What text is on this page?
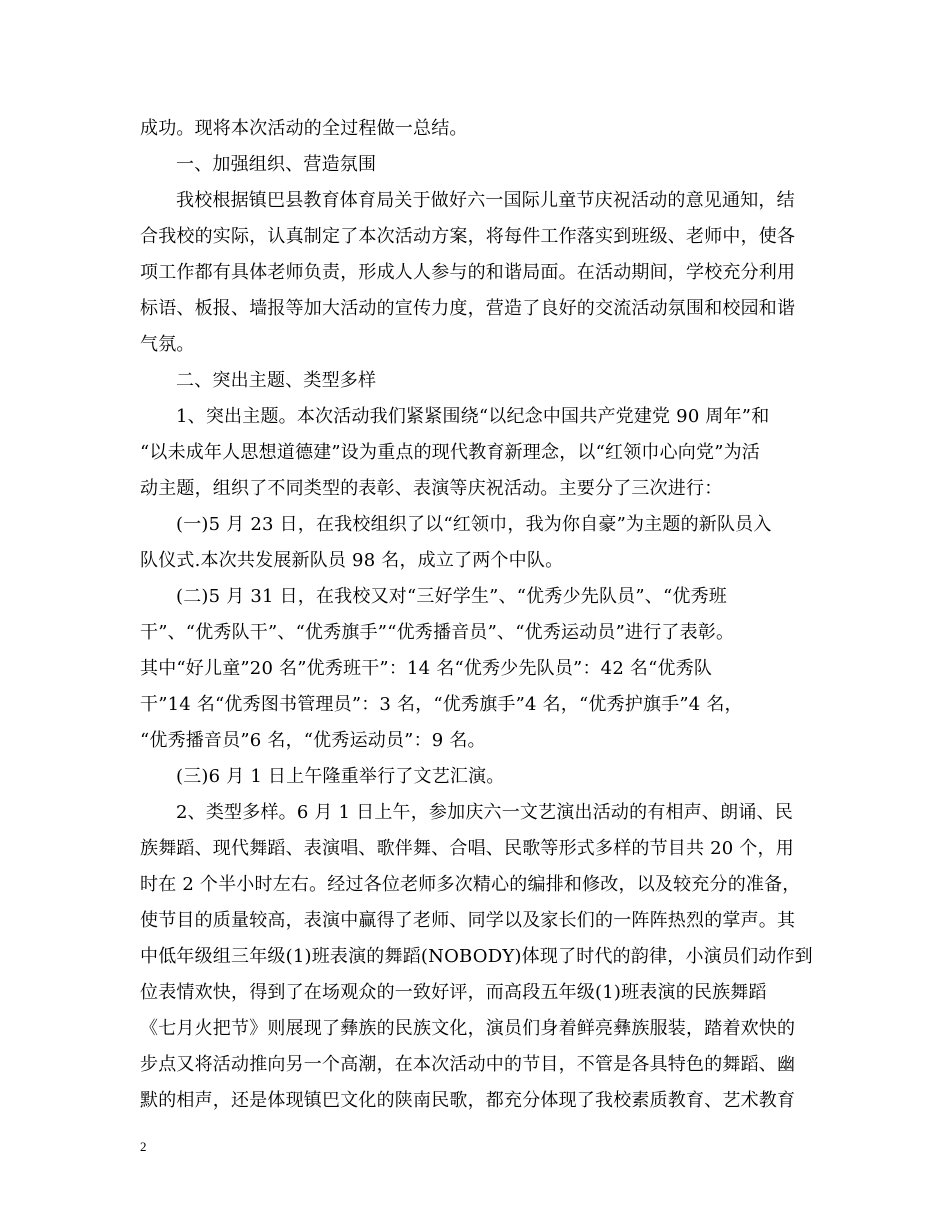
成功。现将本次活动的全过程做一总结。
一、加强组织、营造氛围
我校根据镇巴县教育体育局关于做好六一国际儿童节庆祝活动的意见通知，结
合我校的实际，认真制定了本次活动方案，将每件工作落实到班级、老师中，使各
项工作都有具体老师负责，形成人人参与的和谐局面。在活动期间，学校充分利用
标语、板报、墙报等加大活动的宣传力度，营造了良好的交流活动氛围和校园和谐
气氛。
二、突出主题、类型多样
1、突出主题。本次活动我们紧紧围绕“以纪念中国共产党建党 90 周年”和
“以未成年人思想道德建”设为重点的现代教育新理念，以“红领巾心向党”为活
动主题，组织了不同类型的表彰、表演等庆祝活动。主要分了三次进行：
(一)5 月 23 日，在我校组织了以“红领巾，我为你自豪”为主题的新队员入
队仪式.本次共发展新队员 98 名，成立了两个中队。
(二)5 月 31 日，在我校又对“三好学生”、“优秀少先队员”、“优秀班
干”、“优秀队干”、“优秀旗手”“优秀播音员”、“优秀运动员”进行了表彰。
其中“好儿童”20 名”优秀班干”：14 名“优秀少先队员”：42 名“优秀队
干”14 名“优秀图书管理员”：3 名，“优秀旗手”4 名，“优秀护旗手”4 名，
“优秀播音员”6 名，“优秀运动员”：9 名。
(三)6 月 1 日上午隆重举行了文艺汇演。
2、类型多样。6 月 1 日上午，参加庆六一文艺演出活动的有相声、朗诵、民
族舞蹈、现代舞蹈、表演唱、歌伴舞、合唱、民歌等形式多样的节目共 20 个，用
时在 2 个半小时左右。经过各位老师多次精心的编排和修改，以及较充分的准备，
使节目的质量较高，表演中赢得了老师、同学以及家长们的一阵阵热烈的掌声。其
中低年级组三年级(1)班表演的舞蹈(NOBODY)体现了时代的韵律，小演员们动作到
位表情欢快，得到了在场观众的一致好评，而高段五年级(1)班表演的民族舞蹈
《七月火把节》则展现了彝族的民族文化，演员们身着鲜亮彝族服装，踏着欢快的
步点又将活动推向另一个高潮，在本次活动中的节目，不管是各具特色的舞蹈、幽
默的相声，还是体现镇巴文化的陕南民歌，都充分体现了我校素质教育、艺术教育
2
